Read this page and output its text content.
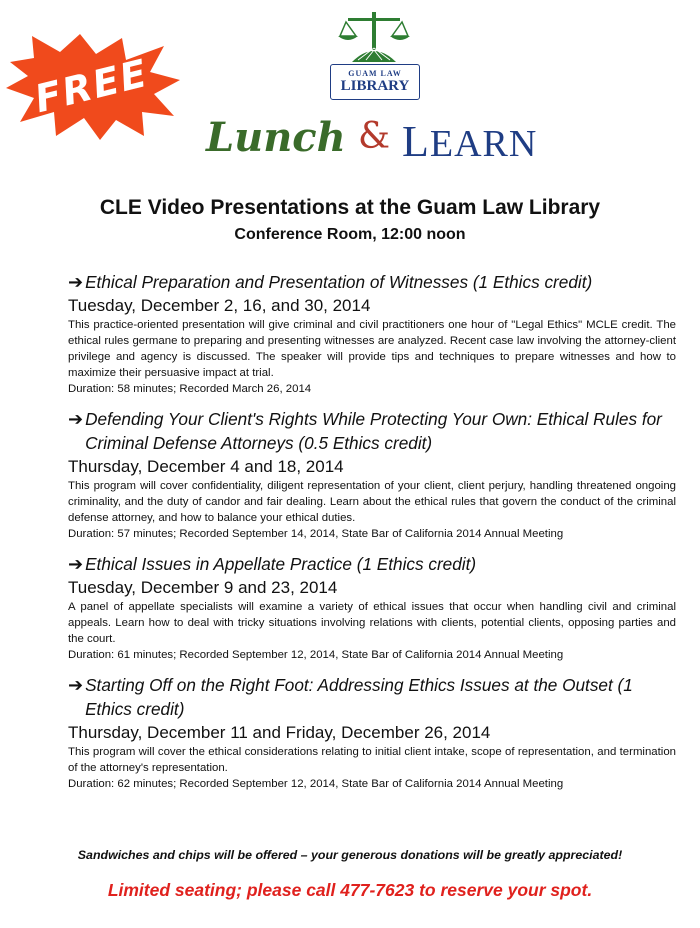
FREE	GUAM LAW
LIBRARY
Lunch & LEARN
CLE Video Presentations at the Guam Law Library
Conference Room, 12:00 noon
➔ Ethical Preparation and Presentation of Witnesses (1 Ethics credit)
Tuesday, December 2, 16, and 30, 2014
This practice-oriented presentation will give criminal and civil practitioners one hour of "Legal Ethics" MCLE credit. The ethical rules germane to preparing and presenting witnesses are analyzed. Recent case law involving the attorney-client privilege and agency is discussed. The speaker will provide tips and techniques to prepare witnesses and how to maximize their persuasive impact at trial.
Duration: 58 minutes; Recorded March 26, 2014
➔ Defending Your Client's Rights While Protecting Your Own: Ethical Rules for Criminal Defense Attorneys (0.5 Ethics credit)
Thursday, December 4 and 18, 2014
This program will cover confidentiality, diligent representation of your client, client perjury, handling threatened ongoing criminality, and the duty of candor and fair dealing. Learn about the ethical rules that govern the conduct of the criminal defense attorney, and how to balance your ethical duties.
Duration: 57 minutes; Recorded September 14, 2014, State Bar of California 2014 Annual Meeting
➔ Ethical Issues in Appellate Practice (1 Ethics credit)
Tuesday, December 9 and 23, 2014
A panel of appellate specialists will examine a variety of ethical issues that occur when handling civil and criminal appeals. Learn how to deal with tricky situations involving relations with clients, potential clients, opposing parties and the court.
Duration: 61 minutes; Recorded September 12, 2014, State Bar of California 2014 Annual Meeting
➔ Starting Off on the Right Foot: Addressing Ethics Issues at the Outset (1 Ethics credit)
Thursday, December 11 and Friday, December 26, 2014
This program will cover the ethical considerations relating to initial client intake, scope of representation, and termination of the attorney's representation.
Duration: 62 minutes; Recorded September 12, 2014, State Bar of California 2014 Annual Meeting
Sandwiches and chips will be offered – your generous donations will be greatly appreciated!
Limited seating; please call 477-7623 to reserve your spot.
